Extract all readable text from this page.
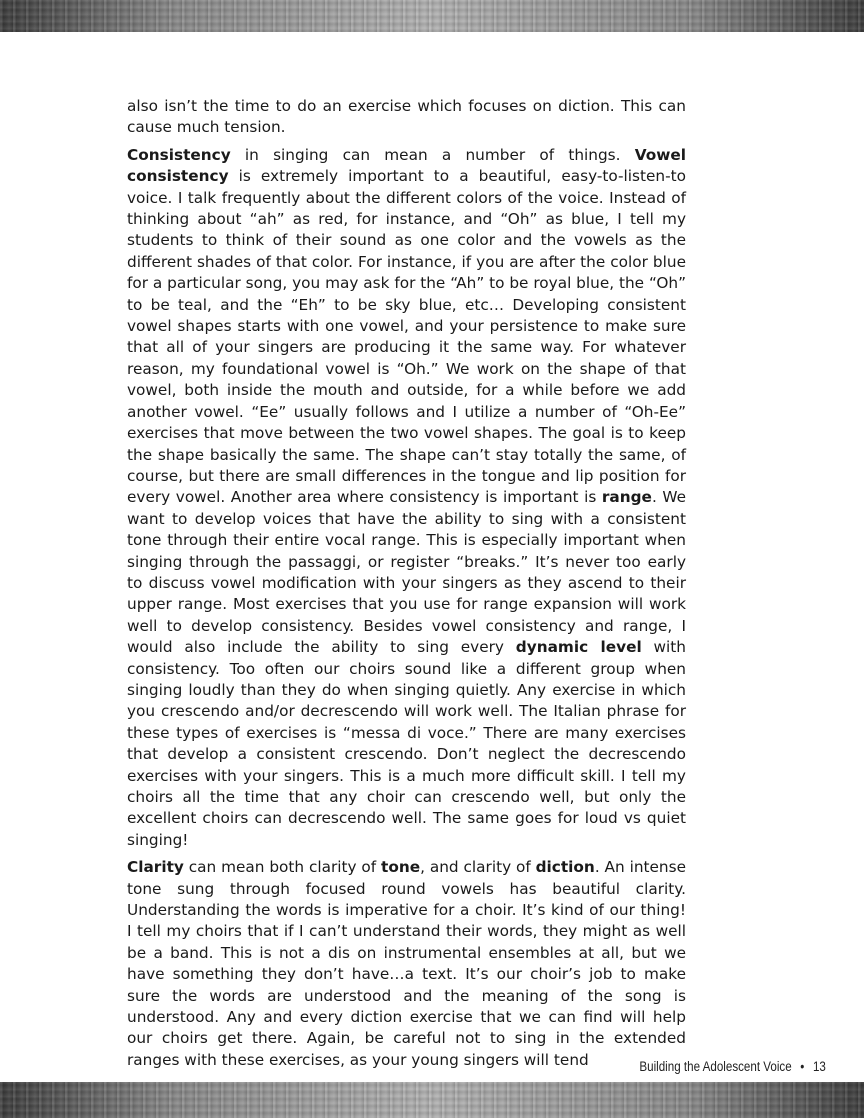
also isn’t the time to do an exercise which focuses on diction. This can cause much tension.

Consistency in singing can mean a number of things. Vowel consistency is extremely important to a beautiful, easy-to-listen-to voice. I talk frequently about the different colors of the voice. Instead of thinking about “ah” as red, for instance, and “Oh” as blue, I tell my students to think of their sound as one color and the vowels as the different shades of that color. For instance, if you are after the color blue for a particular song, you may ask for the “Ah” to be royal blue, the “Oh” to be teal, and the “Eh” to be sky blue, etc… Developing consistent vowel shapes starts with one vowel, and your persistence to make sure that all of your singers are producing it the same way. For whatever reason, my foundational vowel is “Oh.” We work on the shape of that vowel, both inside the mouth and outside, for a while before we add another vowel. “Ee” usually follows and I utilize a number of “Oh-Ee” exercises that move between the two vowel shapes. The goal is to keep the shape basically the same. The shape can’t stay totally the same, of course, but there are small differences in the tongue and lip position for every vowel. Another area where consistency is important is range. We want to develop voices that have the ability to sing with a consistent tone through their entire vocal range. This is especially important when singing through the passaggi, or register “breaks.” It’s never too early to discuss vowel modification with your singers as they ascend to their upper range. Most exercises that you use for range expansion will work well to develop consistency. Besides vowel consistency and range, I would also include the ability to sing every dynamic level with consistency. Too often our choirs sound like a different group when singing loudly than they do when singing quietly. Any exercise in which you crescendo and/or decrescendo will work well. The Italian phrase for these types of exercises is “messa di voce.” There are many exercises that develop a consistent crescendo. Don’t neglect the decrescendo exercises with your singers. This is a much more difficult skill. I tell my choirs all the time that any choir can crescendo well, but only the excellent choirs can decrescendo well. The same goes for loud vs quiet singing!

Clarity can mean both clarity of tone, and clarity of diction. An intense tone sung through focused round vowels has beautiful clarity. Understanding the words is imperative for a choir. It’s kind of our thing! I tell my choirs that if I can’t understand their words, they might as well be a band. This is not a dis on instrumental ensembles at all, but we have something they don’t have…a text. It’s our choir’s job to make sure the words are understood and the meaning of the song is understood. Any and every diction exercise that we can find will help our choirs get there. Again, be careful not to sing in the extended ranges with these exercises, as your young singers will tend	Building the Adolescent Voice • 13
